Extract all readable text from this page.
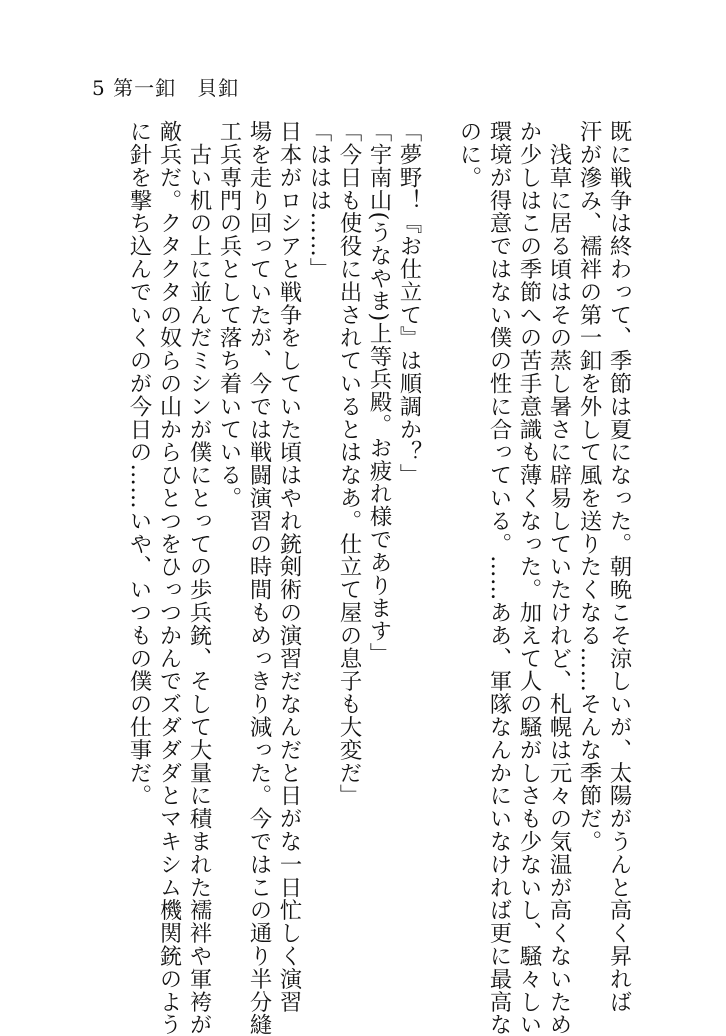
5 第一釦　貝釦
既に戦争は終わって、季節は夏になった。朝晩こそ涼しいが、太陽がうんと高く昇れば
汗が滲み、襦袢の第一釦を外して風を送りたくなる……そんな季節だ。
　浅草に居る頃はその蒸し暑さに辟易していたけれど、札幌は元々の気温が高くないため
か少しはこの季節への苦手意識も薄くなった。加えて人の騒がしさも少ないし、騒々しい
環境が得意ではない僕の性に合っている。……ああ、軍隊なんかにいなければ更に最高な
のに。
「夢野！『お仕立て』は順調か？」
「宇南山(うなやま)上等兵殿。お疲れ様であります」
「今日も使役に出されているとはなあ。仕立て屋の息子も大変だ」
「ははは……」
日本がロシアと戦争をしていた頃はやれ銃剣術の演習だなんだと日がな一日忙しく演習
場を走り回っていたが、今では戦闘演習の時間もめっきり減った。今ではこの通り半分縫
工兵専門の兵として落ち着いている。
　古い机の上に並んだミシンが僕にとっての歩兵銃、そして大量に積まれた襦袢や軍袴が
敵兵だ。クタクタの奴らの山からひとつをひっつかんでズダダダとマキシム機関銃のよう
に針を撃ち込んでいくのが今日の……いや、いつもの僕の仕事だ。
